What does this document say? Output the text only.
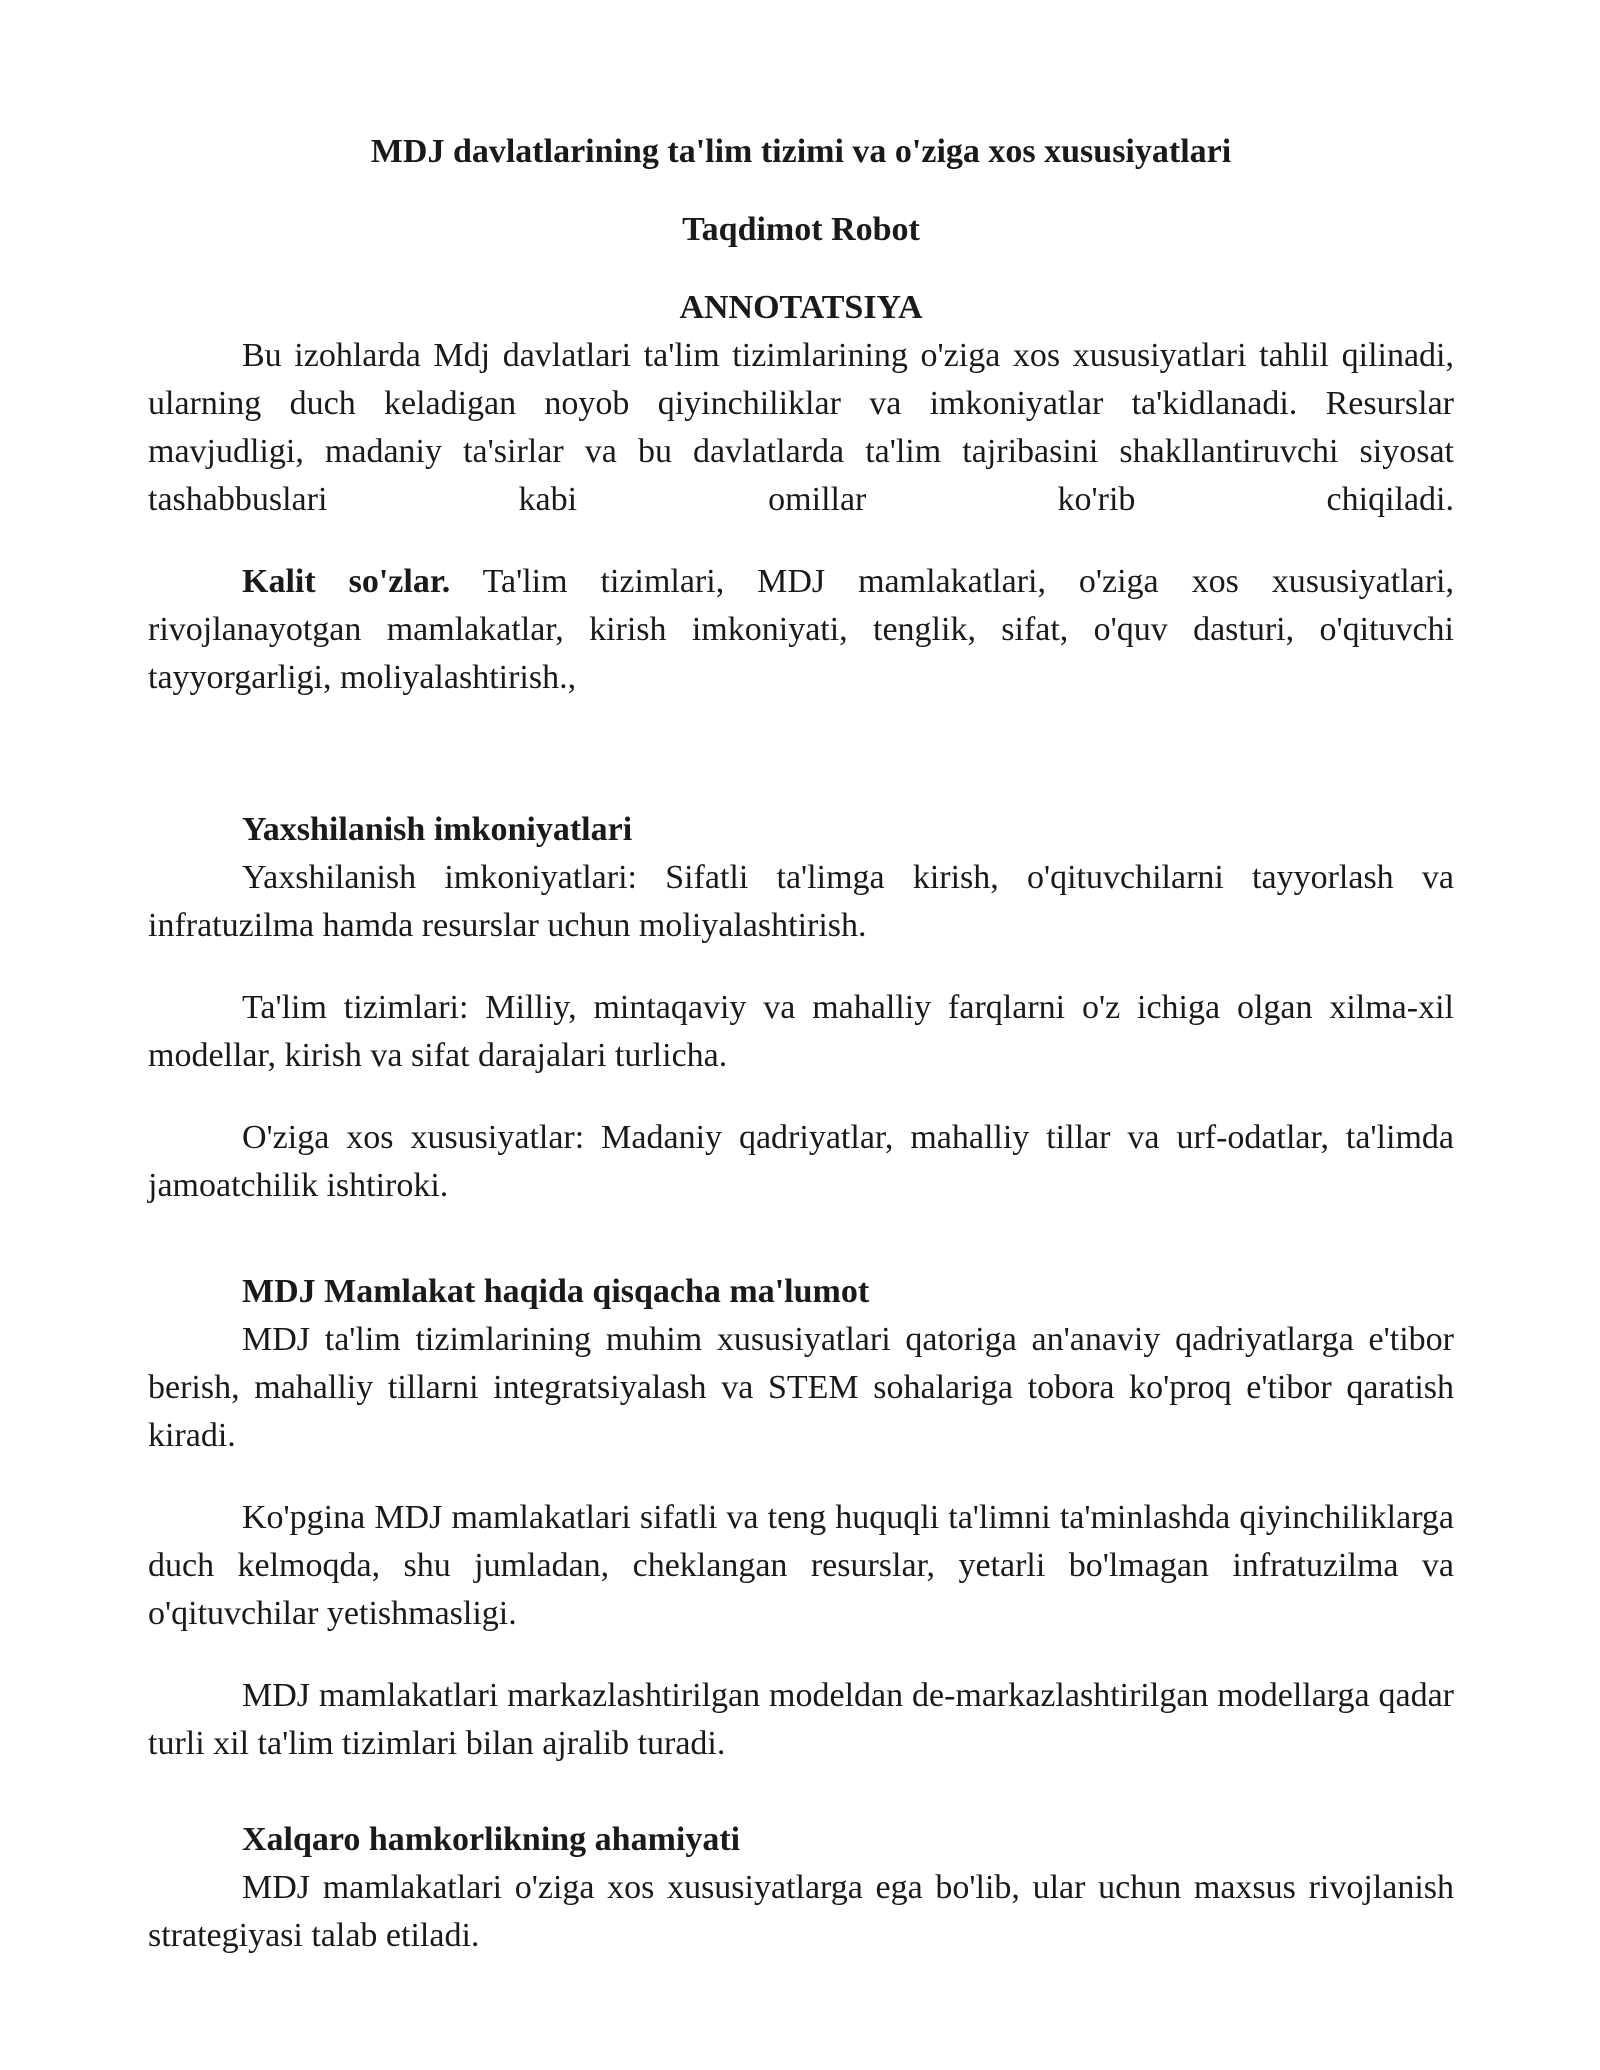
MDJ davlatlarining ta'lim tizimi va o'ziga xos xususiyatlari
Taqdimot Robot
ANNOTATSIYA

Bu izohlarda Mdj davlatlari ta'lim tizimlarining o'ziga xos xususiyatlari tahlil qilinadi, ularning duch keladigan noyob qiyinchiliklar va imkoniyatlar ta'kidlanadi. Resurslar mavjudligi, madaniy ta'sirlar va bu davlatlarda ta'lim tajribasini shakllantiruvchi siyosat tashabbuslari kabi omillar ko'rib chiqiladi.

Kalit so'zlar. Ta'lim tizimlari, MDJ mamlakatlari, o'ziga xos xususiyatlari, rivojlanayotgan mamlakatlar, kirish imkoniyati, tenglik, sifat, o'quv dasturi, o'qituvchi tayyorgarligi, moliyalashtirish.,

Yaxshilanish imkoniyatlari

Yaxshilanish imkoniyatlari: Sifatli ta'limga kirish, o'qituvchilarni tayyorlash va infratuzilma hamda resurslar uchun moliyalashtirish.

Ta'lim tizimlari: Milliy, mintaqaviy va mahalliy farqlarni o'z ichiga olgan xilma-xil modellar, kirish va sifat darajalari turlicha.

O'ziga xos xususiyatlar: Madaniy qadriyatlar, mahalliy tillar va urf-odatlar, ta'limda jamoatchilik ishtiroki.

MDJ Mamlakat haqida qisqacha ma'lumot

MDJ ta'lim tizimlarining muhim xususiyatlari qatoriga an'anaviy qadriyatlarga e'tibor berish, mahalliy tillarni integratsiyalash va STEM sohalariga tobora ko'proq e'tibor qaratish kiradi.

Ko'pgina MDJ mamlakatlari sifatli va teng huquqli ta'limni ta'minlashda qiyinchiliklarga duch kelmoqda, shu jumladan, cheklangan resurslar, yetarli bo'lmagan infratuzilma va o'qituvchilar yetishmasligi.

MDJ mamlakatlari markazlashtirilgan modeldan de-markazlashtirilgan modellarga qadar turli xil ta'lim tizimlari bilan ajralib turadi.

Xalqaro hamkorlikning ahamiyati

MDJ mamlakatlari o'ziga xos xususiyatlarga ega bo'lib, ular uchun maxsus rivojlanish strategiyasi talab etiladi.
